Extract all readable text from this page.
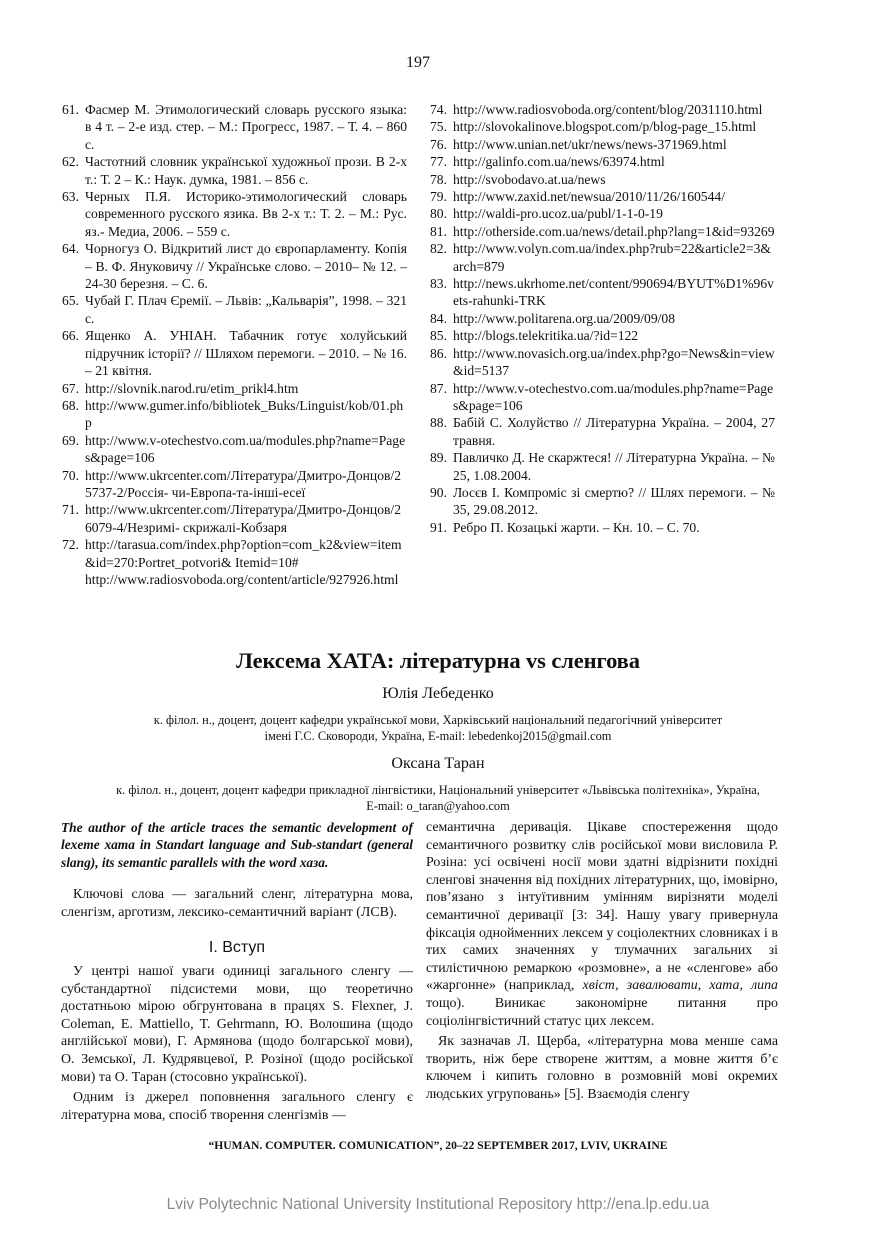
197
61. Фасмер М. Этимологический словарь русского языка: в 4 т. – 2-е изд. стер. – М.: Прогресс, 1987. – Т. 4. – 860 с.
62. Частотний словник української художньої прози. В 2-х т.: Т. 2 – К.: Наук. думка, 1981. – 856 с.
63. Черных П.Я. Историко-этимологический словарь современного русского язика. Вв 2-х т.: Т. 2. – М.: Рус. яз.- Медиа, 2006. – 559 с.
64. Чорногуз О. Відкритий лист до європарламенту. Копія – В. Ф. Януковичу // Українське слово. – 2010– № 12. – 24-30 березня. – С. 6.
65. Чубай Г. Плач Єремії. – Львів: „Кальварія”, 1998. – 321 с.
66. Ященко А. УНІАН. Табачник готує холуйський підручник історії? // Шляхом перемоги. – 2010. – № 16. – 21 квітня.
67. http://slovnik.narod.ru/etim_prikl4.htm
68. http://www.gumer.info/bibliotek_Buks/Linguist/kob/01.php
69. http://www.v-otechestvo.com.ua/modules.php?name=Pages&page=106
70. http://www.ukrcenter.com/Література/Дмитро-Донцов/25737-2/Россія- чи-Европа-та-інші-есеї
71. http://www.ukrcenter.com/Література/Дмитро-Донцов/26079-4/Незримі- скрижалі-Кобзаря
72. http://tarasua.com/index.php?option=com_k2&view=item&id=270:Portret_potvori& Itemid=10#
http://www.radiosvoboda.org/content/article/927926.html
74. http://www.radiosvoboda.org/content/blog/2031110.html
75. http://slovokalinove.blogspot.com/p/blog-page_15.html
76. http://www.unian.net/ukr/news/news-371969.html
77. http://galinfo.com.ua/news/63974.html
78. http://svobodavo.at.ua/news
79. http://www.zaxid.net/newsua/2010/11/26/160544/
80. http://waldi-pro.ucoz.ua/publ/1-1-0-19
81. http://otherside.com.ua/news/detail.php?lang=1&id=93269
82. http://www.volyn.com.ua/index.php?rub=22&article2=3&arch=879
83. http://news.ukrhome.net/content/990694/BYUT%D1%96vets-rahunki-TRK
84. http://www.politarena.org.ua/2009/09/08
85. http://blogs.telekritika.ua/?id=122
86. http://www.novasich.org.ua/index.php?go=News&in=view&id=5137
87. http://www.v-otechestvo.com.ua/modules.php?name=Pages&page=106
88. Бабій С. Холуйство // Літературна Україна. – 2004, 27 травня.
89. Павличко Д. Не скаржтеся! // Літературна Україна. – № 25, 1.08.2004.
90. Лосєв І. Компроміс зі смертю? // Шлях перемоги. – № 35, 29.08.2012.
91. Ребро П. Козацькі жарти. – Кн. 10. – С. 70.
Лексема ХАТА: літературна vs сленгова
Юлія Лебеденко
к. філол. н., доцент, доцент кафедри української мови, Харківський національний педагогічний університет
імені Г.С. Сковороди, Україна, E-mail: lebedenkoj2015@gmail.com
Оксана Таран
к. філол. н., доцент, доцент кафедри прикладної лінгвістики, Національний університет «Львівська політехніка», Україна,
E-mail: o_taran@yahoo.com
The author of the article traces the semantic development of lexeme хата in Standart language and Sub-standart (general slang), its semantic parallels with the word хаза.

Ключові слова — загальний сленг, літературна мова, сленгізм, арготизм, лексико-семантичний варіант (ЛСВ).

I. Вступ

У центрі нашої уваги одиниці загального сленгу — субстандартної підсистеми мови, що теоретично достатньою мірою обгрунтована в працях S. Flexner, J. Coleman, E. Mattiello, T. Gehrmann, Ю. Волошина (щодо англійської мови), Г. Армянова (щодо болгарської мови), О. Земської, Л. Кудрявцевої, Р. Розіної (щодо російської мови) та О. Таран (стосовно української).

Одним із джерел поповнення загального сленгу є літературна мова, спосіб творення сленгізмів —

семантична деривація. Цікаве спостереження щодо семантичного розвитку слів російської мови висловила Р. Розіна: усі освічені носії мови здатні відрізнити похідні сленгові значення від похідних літературних, що, імовірно, пов’язано з інтуїтивним умінням вирізняти моделі семантичної деривації [3: 34]. Нашу увагу привернула фіксація однойменних лексем у соціолектних словниках і в тих самих значеннях у тлумачних загальних зі стилістичною ремаркою «розмовне», а не «сленгове» або «жаргонне» (наприклад, хвіст, завалювати, хата, липа тощо). Виникає закономірне питання про соціолінгвістичний статус цих лексем.

Як зазначав Л. Щерба, «літературна мова менше сама творить, ніж бере створене життям, а мовне життя б’є ключем і кипить головно в розмовній мові окремих людських угруповань» [5]. Взаємодія сленгу

“HUMAN. COMPUTER. COMUNICATION”, 20–22 SEPTEMBER 2017, LVIV, UKRAINE
Lviv Polytechnic National University Institutional Repository http://ena.lp.edu.ua
